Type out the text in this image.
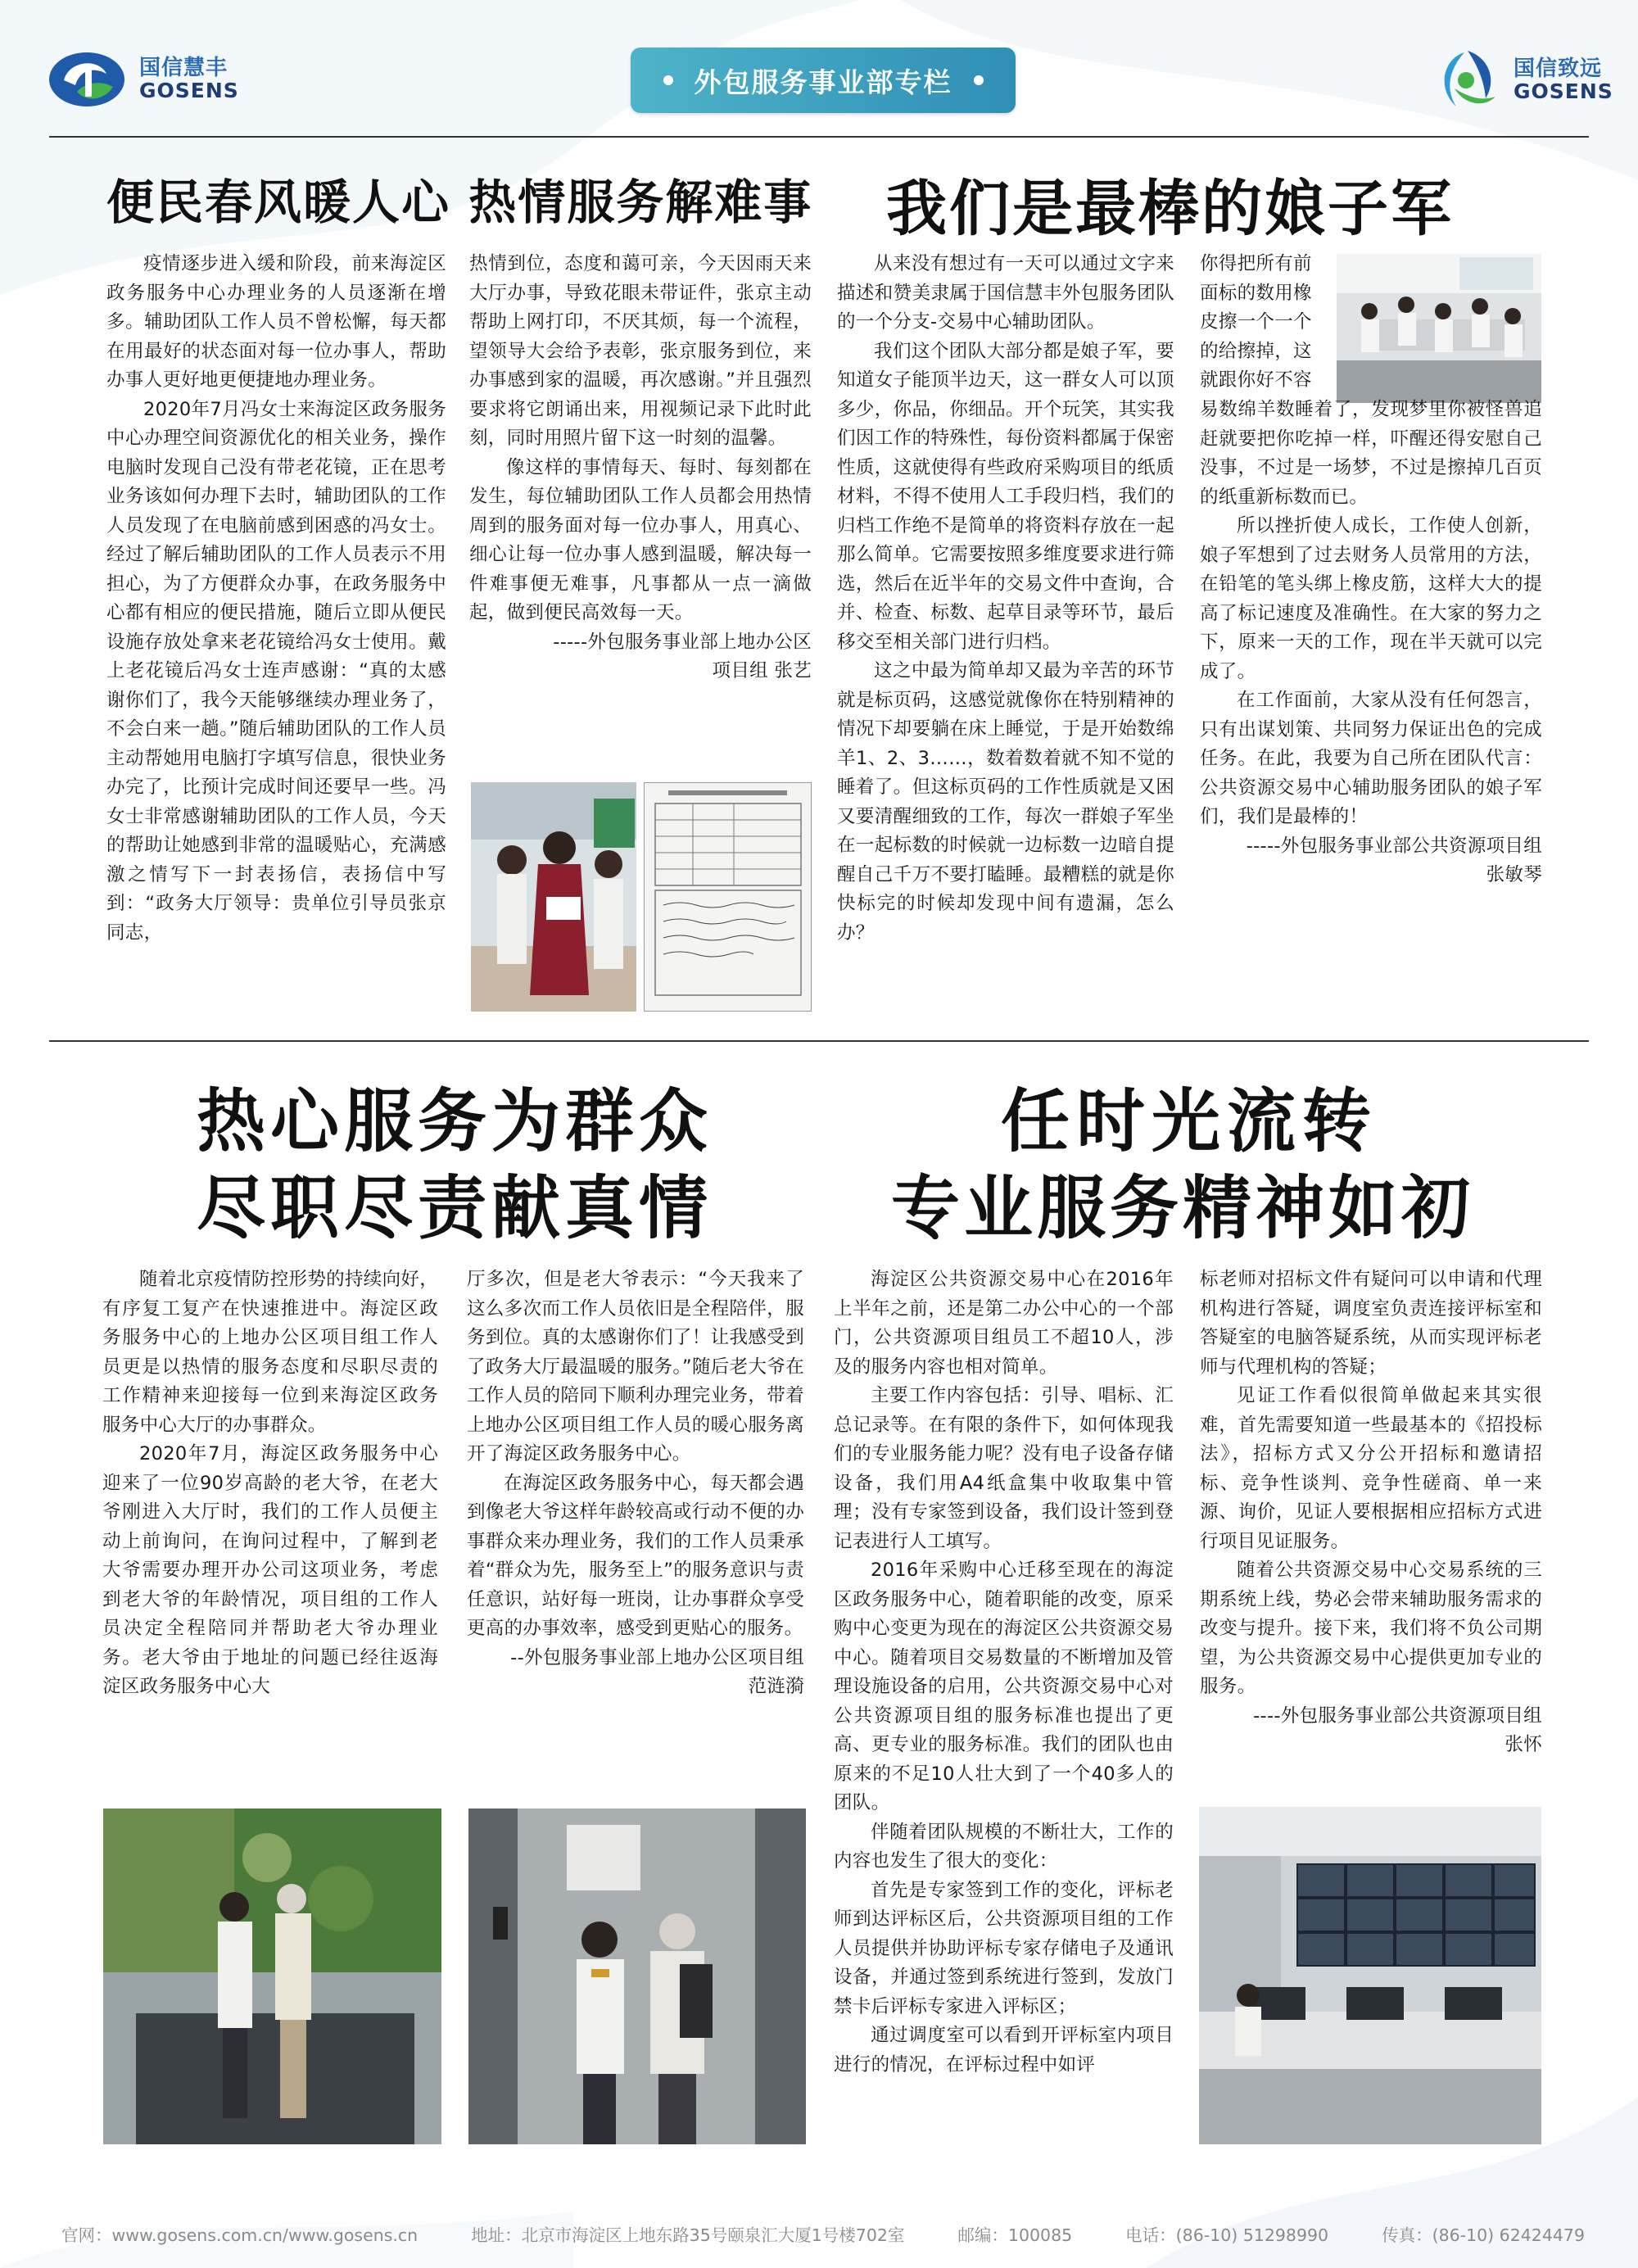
国信慧丰
GOSENS	外包服务事业部专栏	国信致远
GOSENS
便民春风暖人心 热情服务解难事

疫情逐步进入缓和阶段，前来海淀区政务服务中心办理业务的人员逐渐在增多。辅助团队工作人员不曾松懈，每天都在用最好的状态面对每一位办事人，帮助办事人更好地更便捷地办理业务。

2020年7月冯女士来海淀区政务服务中心办理空间资源优化的相关业务，操作电脑时发现自己没有带老花镜，正在思考业务该如何办理下去时，辅助团队的工作人员发现了在电脑前感到困惑的冯女士。经过了解后辅助团队的工作人员表示不用担心，为了方便群众办事，在政务服务中心都有相应的便民措施，随后立即从便民设施存放处拿来老花镜给冯女士使用。戴上老花镜后冯女士连声感谢：“真的太感谢你们了，我今天能够继续办理业务了，不会白来一趟。”随后辅助团队的工作人员主动帮她用电脑打字填写信息，很快业务办完了，比预计完成时间还要早一些。冯女士非常感谢辅助团队的工作人员，今天的帮助让她感到非常的温暖贴心，充满感激之情写下一封表扬信，表扬信中写到：“政务大厅领导：贵单位引导员张京同志，

热情到位，态度和蔼可亲，今天因雨天来大厅办事，导致花眼未带证件，张京主动帮助上网打印，不厌其烦，每一个流程，望领导大会给予表彰，张京服务到位，来办事感到家的温暖，再次感谢。”并且强烈要求将它朗诵出来，用视频记录下此时此刻，同时用照片留下这一时刻的温馨。

像这样的事情每天、每时、每刻都在发生，每位辅助团队工作人员都会用热情周到的服务面对每一位办事人，用真心、细心让每一位办事人感到温暖，解决每一件难事便无难事，凡事都从一点一滴做起，做到便民高效每一天。

-----外包服务事业部上地办公区

项目组 张艺

我们是最棒的娘子军

从来没有想过有一天可以通过文字来描述和赞美隶属于国信慧丰外包服务团队的一个分支-交易中心辅助团队。

我们这个团队大部分都是娘子军，要知道女子能顶半边天，这一群女人可以顶多少，你品，你细品。开个玩笑，其实我们因工作的特殊性，每份资料都属于保密性质，这就使得有些政府采购项目的纸质材料，不得不使用人工手段归档，我们的归档工作绝不是简单的将资料存放在一起那么简单。它需要按照多维度要求进行筛选，然后在近半年的交易文件中查询，合并、检查、标数、起草目录等环节，最后移交至相关部门进行归档。

这之中最为简单却又最为辛苦的环节就是标页码，这感觉就像你在特别精神的情况下却要躺在床上睡觉，于是开始数绵羊1、2、3……，数着数着就不知不觉的睡着了。但这标页码的工作性质就是又困又要清醒细致的工作，每次一群娘子军坐在一起标数的时候就一边标数一边暗自提醒自己千万不要打瞌睡。最糟糕的就是你快标完的时候却发现中间有遗漏，怎么办？

你得把所有前
面标的数用橡
皮擦一个一个
的给擦掉，这
就跟你好不容

易数绵羊数睡着了，发现梦里你被怪兽追赶就要把你吃掉一样，吓醒还得安慰自己没事，不过是一场梦，不过是擦掉几百页的纸重新标数而已。

所以挫折使人成长，工作使人创新，娘子军想到了过去财务人员常用的方法，在铅笔的笔头绑上橡皮筋，这样大大的提高了标记速度及准确性。在大家的努力之下，原来一天的工作，现在半天就可以完成了。

在工作面前，大家从没有任何怨言，只有出谋划策、共同努力保证出色的完成任务。在此，我要为自己所在团队代言：公共资源交易中心辅助服务团队的娘子军们，我们是最棒的！

-----外包服务事业部公共资源项目组

张敏琴

热心服务为群众
尽职尽责献真情

随着北京疫情防控形势的持续向好，有序复工复产在快速推进中。海淀区政务服务中心的上地办公区项目组工作人员更是以热情的服务态度和尽职尽责的工作精神来迎接每一位到来海淀区政务服务中心大厅的办事群众。

2020年7月，海淀区政务服务中心迎来了一位90岁高龄的老大爷，在老大爷刚进入大厅时，我们的工作人员便主动上前询问，在询问过程中，了解到老大爷需要办理开办公司这项业务，考虑到老大爷的年龄情况，项目组的工作人员决定全程陪同并帮助老大爷办理业务。老大爷由于地址的问题已经往返海淀区政务服务中心大

厅多次，但是老大爷表示：“今天我来了这么多次而工作人员依旧是全程陪伴，服务到位。真的太感谢你们了！让我感受到了政务大厅最温暖的服务。”随后老大爷在工作人员的陪同下顺利办理完业务，带着上地办公区项目组工作人员的暖心服务离开了海淀区政务服务中心。

在海淀区政务服务中心，每天都会遇到像老大爷这样年龄较高或行动不便的办事群众来办理业务，我们的工作人员秉承着“群众为先，服务至上”的服务意识与责任意识，站好每一班岗，让办事群众享受更高的办事效率，感受到更贴心的服务。

--外包服务事业部上地办公区项目组

范涟漪

任时光流转
专业服务精神如初

海淀区公共资源交易中心在2016年上半年之前，还是第二办公中心的一个部门，公共资源项目组员工不超10人，涉及的服务内容也相对简单。

主要工作内容包括：引导、唱标、汇总记录等。在有限的条件下，如何体现我们的专业服务能力呢？没有电子设备存储设备，我们用A4纸盒集中收取集中管理；没有专家签到设备，我们设计签到登记表进行人工填写。

2016年采购中心迁移至现在的海淀区政务服务中心，随着职能的改变，原采购中心变更为现在的海淀区公共资源交易中心。随着项目交易数量的不断增加及管理设施设备的启用，公共资源交易中心对公共资源项目组的服务标准也提出了更高、更专业的服务标准。我们的团队也由原来的不足10人壮大到了一个40多人的团队。

伴随着团队规模的不断壮大，工作的内容也发生了很大的变化：

首先是专家签到工作的变化，评标老师到达评标区后，公共资源项目组的工作人员提供并协助评标专家存储电子及通讯设备，并通过签到系统进行签到，发放门禁卡后评标专家进入评标区；

通过调度室可以看到开评标室内项目进行的情况，在评标过程中如评

标老师对招标文件有疑问可以申请和代理机构进行答疑，调度室负责连接评标室和答疑室的电脑答疑系统，从而实现评标老师与代理机构的答疑；

见证工作看似很简单做起来其实很难，首先需要知道一些最基本的《招投标法》，招标方式又分公开招标和邀请招标、竞争性谈判、竞争性磋商、单一来源、询价，见证人要根据相应招标方式进行项目见证服务。

随着公共资源交易中心交易系统的三期系统上线，势必会带来辅助服务需求的改变与提升。接下来，我们将不负公司期望，为公共资源交易中心提供更加专业的服务。

----外包服务事业部公共资源项目组

张怀

官网：www.gosens.com.cn/www.gosens.cn	地址：北京市海淀区上地东路35号颐泉汇大厦1号楼702室	邮编：100085	电话：(86-10) 51298990	传真：(86-10) 62424479
